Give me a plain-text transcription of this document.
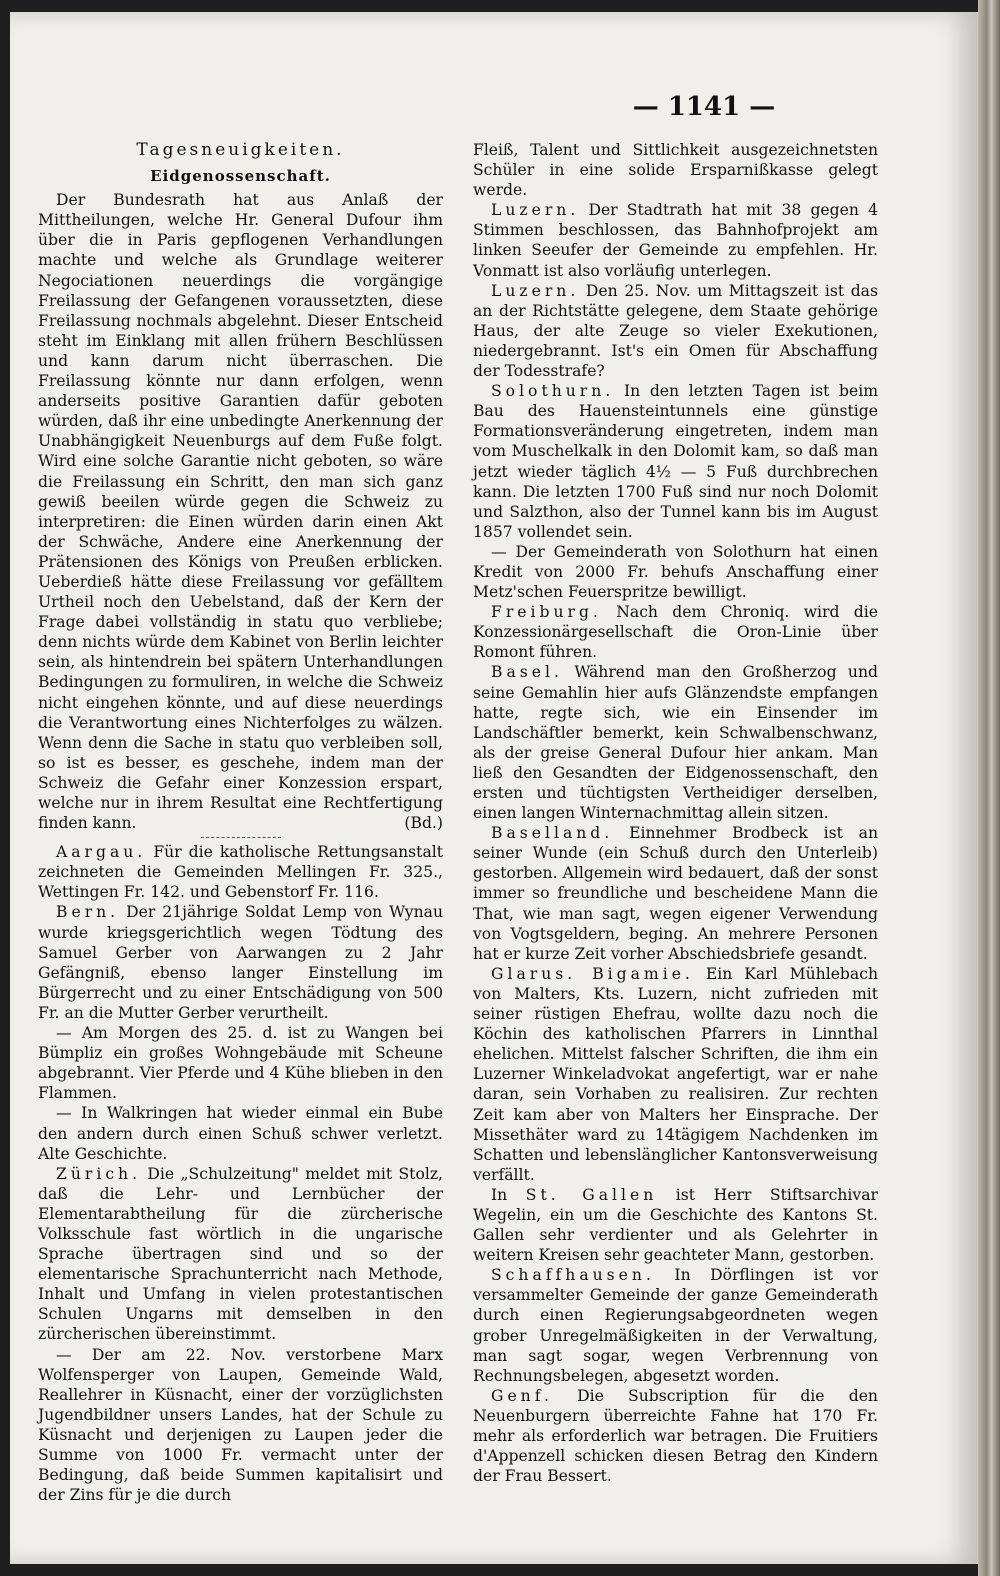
— 1141 —
Tagesneuigkeiten.
Eidgenossenschaft.

Der Bundesrath hat aus Anlaß der Mittheilungen, welche Hr. General Dufour ihm über die in Paris gepflogenen Verhandlungen machte und welche als Grundlage weiterer Negociationen neuerdings die vorgängige Freilassung der Gefangenen voraussetzten, diese Freilassung nochmals abgelehnt. Dieser Entscheid steht im Einklang mit allen frühern Beschlüssen und kann darum nicht überraschen. Die Freilassung könnte nur dann erfolgen, wenn anderseits positive Garantien dafür geboten würden, daß ihr eine unbedingte Anerkennung der Unabhängigkeit Neuenburgs auf dem Fuße folgt. Wird eine solche Garantie nicht geboten, so wäre die Freilassung ein Schritt, den man sich ganz gewiß beeilen würde gegen die Schweiz zu interpretiren: die Einen würden darin einen Akt der Schwäche, Andere eine Anerkennung der Prätensionen des Königs von Preußen erblicken. Ueberdieß hätte diese Freilassung vor gefälltem Urtheil noch den Uebelstand, daß der Kern der Frage dabei vollständig in statu quo verbliebe; denn nichts würde dem Kabinet von Berlin leichter sein, als hintendrein bei spätern Unterhandlungen Bedingungen zu formuliren, in welche die Schweiz nicht eingehen könnte, und auf diese neuerdings die Verantwortung eines Nichterfolges zu wälzen. Wenn denn die Sache in statu quo verbleiben soll, so ist es besser, es geschehe, indem man der Schweiz die Gefahr einer Konzession erspart, welche nur in ihrem Resultat eine Rechtfertigung finden kann.	(Bd.)

Aargau. Für die katholische Rettungsanstalt zeichneten die Gemeinden Mellingen Fr. 325., Wettingen Fr. 142. und Gebenstorf Fr. 116.

Bern. Der 21jährige Soldat Lemp von Wynau wurde kriegsgerichtlich wegen Tödtung des Samuel Gerber von Aarwangen zu 2 Jahr Gefängniß, ebenso langer Einstellung im Bürgerrecht und zu einer Entschädigung von 500 Fr. an die Mutter Gerber verurtheilt.

— Am Morgen des 25. d. ist zu Wangen bei Bümpliz ein großes Wohngebäude mit Scheune abgebrannt. Vier Pferde und 4 Kühe blieben in den Flammen.

— In Walkringen hat wieder einmal ein Bube den andern durch einen Schuß schwer verletzt. Alte Geschichte.

Zürich. Die „Schulzeitung" meldet mit Stolz, daß die Lehr- und Lernbücher der Elementarabtheilung für die zürcherische Volksschule fast wörtlich in die ungarische Sprache übertragen sind und so der elementarische Sprachunterricht nach Methode, Inhalt und Umfang in vielen protestantischen Schulen Ungarns mit demselben in den zürcherischen übereinstimmt.

— Der am 22. Nov. verstorbene Marx Wolfensperger von Laupen, Gemeinde Wald, Reallehrer in Küsnacht, einer der vorzüglichsten Jugendbildner unsers Landes, hat der Schule zu Küsnacht und derjenigen zu Laupen jeder die Summe von 1000 Fr. vermacht unter der Bedingung, daß beide Summen kapitalisirt und der Zins für je die durch

Fleiß, Talent und Sittlichkeit ausgezeichnetsten Schüler in eine solide Ersparnißkasse gelegt werde.

Luzern. Der Stadtrath hat mit 38 gegen 4 Stimmen beschlossen, das Bahnhofprojekt am linken Seeufer der Gemeinde zu empfehlen. Hr. Vonmatt ist also vorläufig unterlegen.

Luzern. Den 25. Nov. um Mittagszeit ist das an der Richtstätte gelegene, dem Staate gehörige Haus, der alte Zeuge so vieler Exekutionen, niedergebrannt. Ist's ein Omen für Abschaffung der Todesstrafe?

Solothurn. In den letzten Tagen ist beim Bau des Hauensteintunnels eine günstige Formationsveränderung eingetreten, indem man vom Muschelkalk in den Dolomit kam, so daß man jetzt wieder täglich 4½ — 5 Fuß durchbrechen kann. Die letzten 1700 Fuß sind nur noch Dolomit und Salzthon, also der Tunnel kann bis im August 1857 vollendet sein.

— Der Gemeinderath von Solothurn hat einen Kredit von 2000 Fr. behufs Anschaffung einer Metz'schen Feuerspritze bewilligt.

Freiburg. Nach dem Chroniq. wird die Konzessionärgesellschaft die Oron-Linie über Romont führen.

Basel. Während man den Großherzog und seine Gemahlin hier aufs Glänzendste empfangen hatte, regte sich, wie ein Einsender im Landschäftler bemerkt, kein Schwalbenschwanz, als der greise General Dufour hier ankam. Man ließ den Gesandten der Eidgenossenschaft, den ersten und tüchtigsten Vertheidiger derselben, einen langen Winternachmittag allein sitzen.

Baselland. Einnehmer Brodbeck ist an seiner Wunde (ein Schuß durch den Unterleib) gestorben. Allgemein wird bedauert, daß der sonst immer so freundliche und bescheidene Mann die That, wie man sagt, wegen eigener Verwendung von Vogtsgeldern, beging. An mehrere Personen hat er kurze Zeit vorher Abschiedsbriefe gesandt.

Glarus. Bigamie. Ein Karl Mühlebach von Malters, Kts. Luzern, nicht zufrieden mit seiner rüstigen Ehefrau, wollte dazu noch die Köchin des katholischen Pfarrers in Linnthal ehelichen. Mittelst falscher Schriften, die ihm ein Luzerner Winkeladvokat angefertigt, war er nahe daran, sein Vorhaben zu realisiren. Zur rechten Zeit kam aber von Malters her Einsprache. Der Missethäter ward zu 14tägigem Nachdenken im Schatten und lebenslänglicher Kantonsverweisung verfällt.

In St. Gallen ist Herr Stiftsarchivar Wegelin, ein um die Geschichte des Kantons St. Gallen sehr verdienter und als Gelehrter in weitern Kreisen sehr geachteter Mann, gestorben.

Schaffhausen. In Dörflingen ist vor versammelter Gemeinde der ganze Gemeinderath durch einen Regierungsabgeordneten wegen grober Unregelmäßigkeiten in der Verwaltung, man sagt sogar, wegen Verbrennung von Rechnungsbelegen, abgesetzt worden.

Genf. Die Subscription für die den Neuenburgern überreichte Fahne hat 170 Fr. mehr als erforderlich war betragen. Die Fruitiers d'Appenzell schicken diesen Betrag den Kindern der Frau Bessert.
